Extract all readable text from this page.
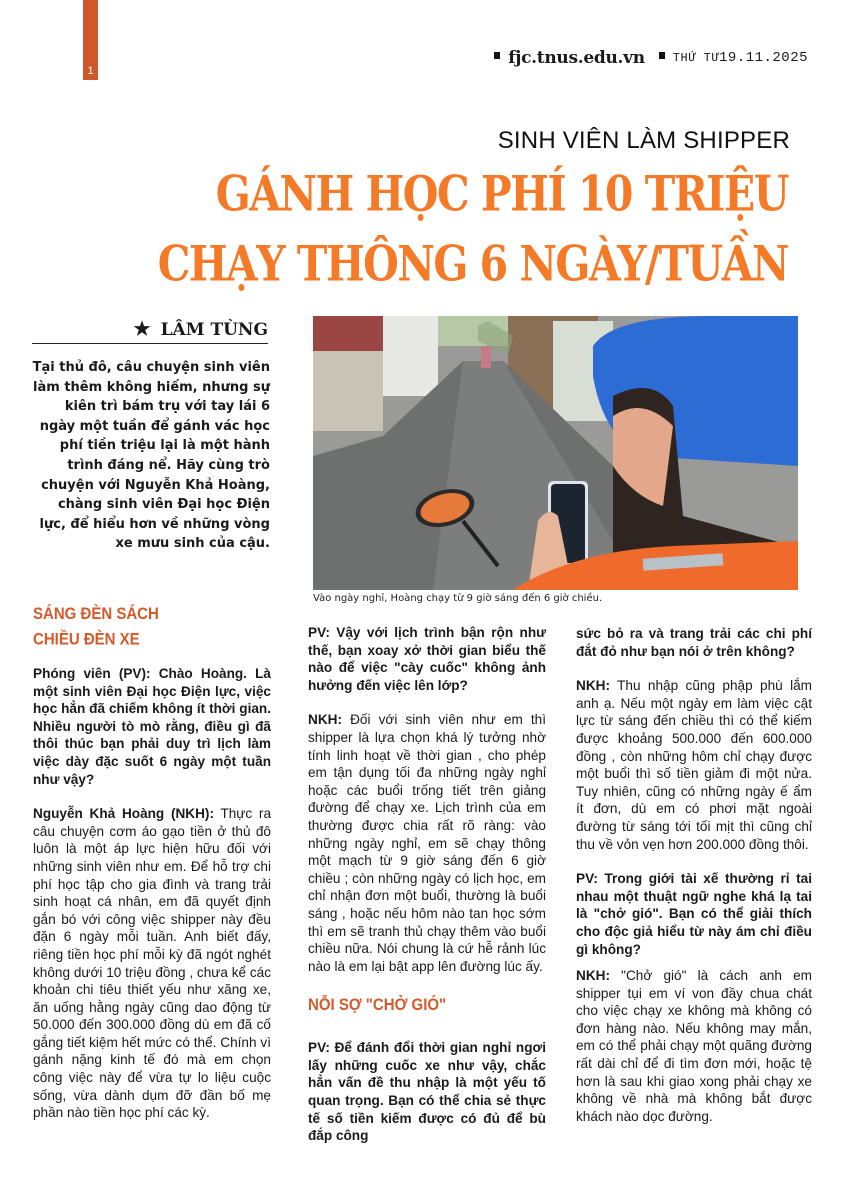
1
fjc.tnus.edu.vn THỨ TƯ19.11.2025
SINH VIÊN LÀM SHIPPER
GÁNH HỌC PHÍ 10 TRIỆU
CHẠY THÔNG 6 NGÀY/TUẦN
★ LÂM TÙNG
Tại thủ đô, câu chuyện sinh viên làm thêm không hiếm, nhưng sự kiên trì bám trụ với tay lái 6 ngày một tuần để gánh vác học phí tiền triệu lại là một hành trình đáng nể. Hãy cùng trò chuyện với Nguyễn Khả Hoàng, chàng sinh viên Đại học Điện lực, để hiểu hơn về những vòng xe mưu sinh của cậu.
Vào ngày nghỉ, Hoàng chạy từ 9 giờ sáng đến 6 giờ chiều.
SÁNG ĐÈN SÁCH
CHIỀU ĐÈN XE

Phóng viên (PV): Chào Hoàng. Là một sinh viên Đại học Điện lực, việc học hẳn đã chiếm không ít thời gian. Nhiều người tò mò rằng, điều gì đã thôi thúc bạn phải duy trì lịch làm việc dày đặc suốt 6 ngày một tuần như vậy?

Nguyễn Khả Hoàng (NKH): Thực ra câu chuyện cơm áo gạo tiền ở thủ đô luôn là một áp lực hiện hữu đối với những sinh viên như em. Để hỗ trợ chi phí học tập cho gia đình và trang trải sinh hoạt cá nhân, em đã quyết định gắn bó với công việc shipper này đều đặn 6 ngày mỗi tuần. Anh biết đấy, riêng tiền học phí mỗi kỳ đã ngót nghét không dưới 10 triệu đồng , chưa kể các khoản chi tiêu thiết yếu như xăng xe, ăn uống hằng ngày cũng dao động từ 50.000 đến 300.000 đồng dù em đã cố gắng tiết kiệm hết mức có thể. Chính vì gánh nặng kinh tế đó mà em chọn công việc này để vừa tự lo liệu cuộc sống, vừa dành dụm đỡ đần bố mẹ phần nào tiền học phí các kỳ.

PV: Vậy với lịch trình bận rộn như thế, bạn xoay xở thời gian biểu thế nào để việc "cày cuốc" không ảnh hưởng đến việc lên lớp?

NKH: Đối với sinh viên như em thì shipper là lựa chọn khá lý tưởng nhờ tính linh hoạt về thời gian , cho phép em tận dụng tối đa những ngày nghỉ hoặc các buổi trống tiết trên giảng đường để chạy xe. Lịch trình của em thường được chia rất rõ ràng: vào những ngày nghỉ, em sẽ chạy thông một mạch từ 9 giờ sáng đến 6 giờ chiều ; còn những ngày có lịch học, em chỉ nhận đơn một buổi, thường là buổi sáng , hoặc nếu hôm nào tan học sớm thì em sẽ tranh thủ chạy thêm vào buổi chiều nữa. Nói chung là cứ hễ rảnh lúc nào là em lại bật app lên đường lúc ấy.

NỖI SỢ "CHỞ GIÓ"

PV: Để đánh đổi thời gian nghỉ ngơi lấy những cuốc xe như vậy, chắc hẳn vấn đề thu nhập là một yếu tố quan trọng. Bạn có thể chia sẻ thực tế số tiền kiếm được có đủ để bù đắp công

sức bỏ ra và trang trải các chi phí đắt đỏ như bạn nói ở trên không?

NKH: Thu nhập cũng phập phù lắm anh ạ. Nếu một ngày em làm việc cật lực từ sáng đến chiều thì có thể kiếm được khoảng 500.000 đến 600.000 đồng , còn những hôm chỉ chạy được một buổi thì số tiền giảm đi một nửa. Tuy nhiên, cũng có những ngày ế ẩm ít đơn, dù em có phơi mặt ngoài đường từ sáng tới tối mịt thì cũng chỉ thu về vỏn vẹn hơn 200.000 đồng thôi.

PV: Trong giới tài xế thường rỉ tai nhau một thuật ngữ nghe khá lạ tai là "chở gió". Bạn có thể giải thích cho độc giả hiểu từ này ám chỉ điều gì không?

NKH: "Chở gió" là cách anh em shipper tụi em ví von đầy chua chát cho việc chạy xe không mà không có đơn hàng nào. Nếu không may mắn, em có thể phải chạy một quãng đường rất dài chỉ để đi tìm đơn mới, hoặc tệ hơn là sau khi giao xong phải chạy xe không về nhà mà không bắt được khách nào dọc đường.
